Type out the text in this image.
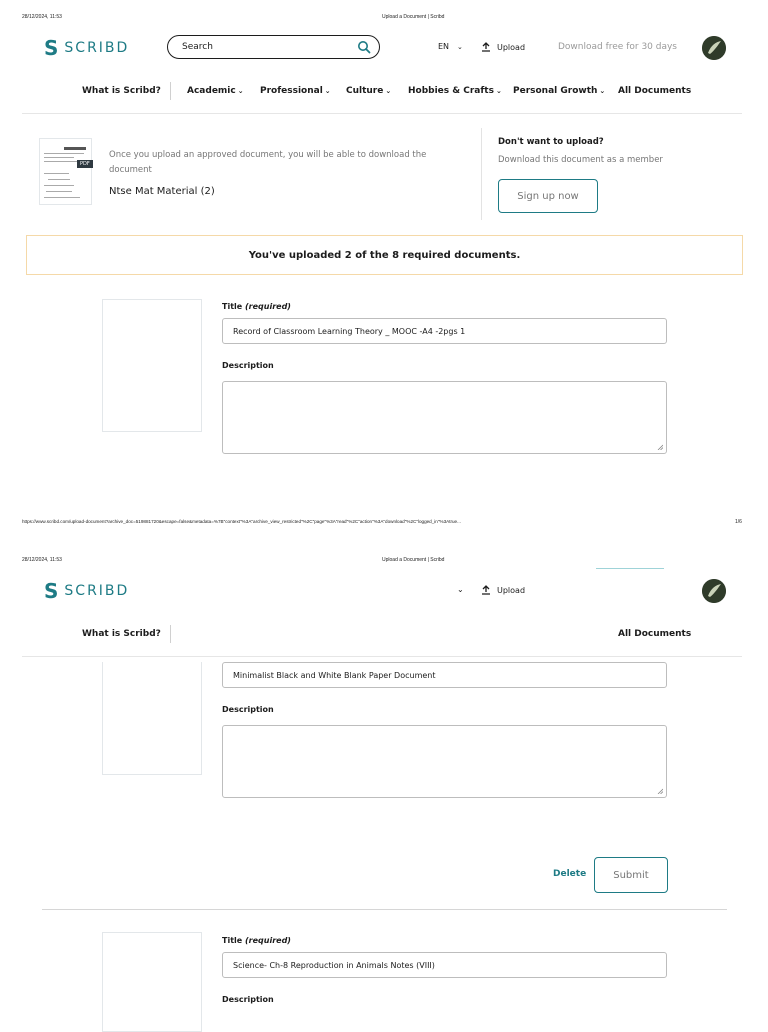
28/12/2024, 11:53	Upload a Document | Scribd
S SCRIBD
Search	EN ⌄	Upload	Download free for 30 days
What is Scribd?	Academic ⌄ Professional ⌄ Culture ⌄ Hobbies & Crafts ⌄ Personal Growth ⌄ All Documents
PDF
Once you upload an approved document, you will be able to download the document
Ntse Mat Material (2)
Don't want to upload?
Download this document as a member
Sign up now
You've uploaded 2 of the 8 required documents.
Title (required)
Record of Classroom Learning Theory _ MOOC -A4 -2pgs 1
Description
https://www.scribd.com/upload-document?archive_doc=519881720&escape=false&metadata=%7B"context"%3A"archive_view_restricted"%2C"page"%3A"read"%2C"action"%3A"download"%2C"logged_in"%3Atrue...	1/6
28/12/2024, 11:53	Upload a Document | Scribd
S SCRIBD	⌄	Upload
What is Scribd?	All Documents
Minimalist Black and White Blank Paper Document
Description
Delete	Submit
Title (required)
Science- Ch-8 Reproduction in Animals Notes (VIII)
Description
